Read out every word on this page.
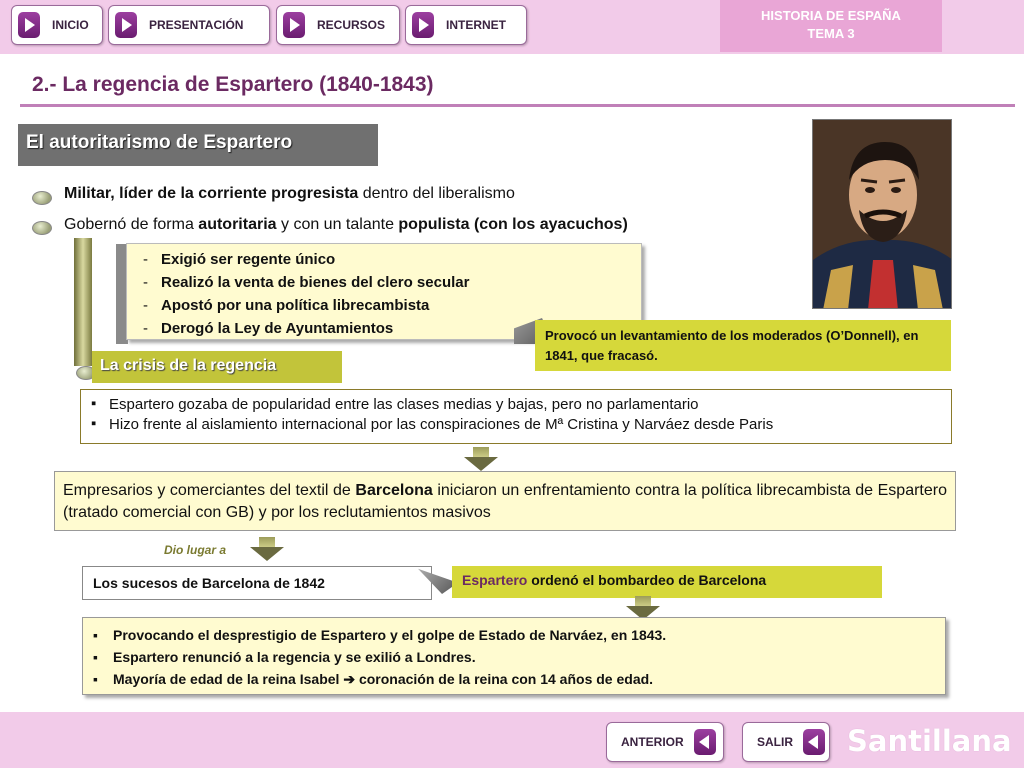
INICIO	PRESENTACIÓN	RECURSOS	INTERNET
HISTORIA DE ESPAÑA
TEMA 3
2.- La regencia de Espartero (1840-1843)
El autoritarismo de Espartero
Militar, líder de la corriente progresista dentro del liberalismo
Gobernó de forma autoritaria y con un talante populista (con los ayacuchos)
- Exigió ser regente único
- Realizó la venta de bienes del clero secular
- Apostó por una política librecambista
- Derogó la Ley de Ayuntamientos	Provocó un levantamiento de los moderados (O’Donnell), en 1841, que fracasó.
La crisis de la regencia
▪ Espartero gozaba de popularidad entre las clases medias y bajas, pero no parlamentario
▪ Hizo frente al aislamiento internacional por las conspiraciones de Mª Cristina y Narváez desde Paris
Empresarios y comerciantes del textil de Barcelona iniciaron un enfrentamiento contra la política librecambista de Espartero (tratado comercial con GB) y por los reclutamientos masivos
Dio lugar a
Los sucesos de Barcelona de 1842	Espartero ordenó el bombardeo de Barcelona
▪ Provocando el desprestigio de Espartero y el golpe de Estado de Narváez, en 1843.
▪ Espartero renunció a la regencia y se exilió a Londres.
▪ Mayoría de edad de la reina Isabel ➔ coronación de la reina con 14 años de edad.
ANTERIOR	SALIR Santillana
